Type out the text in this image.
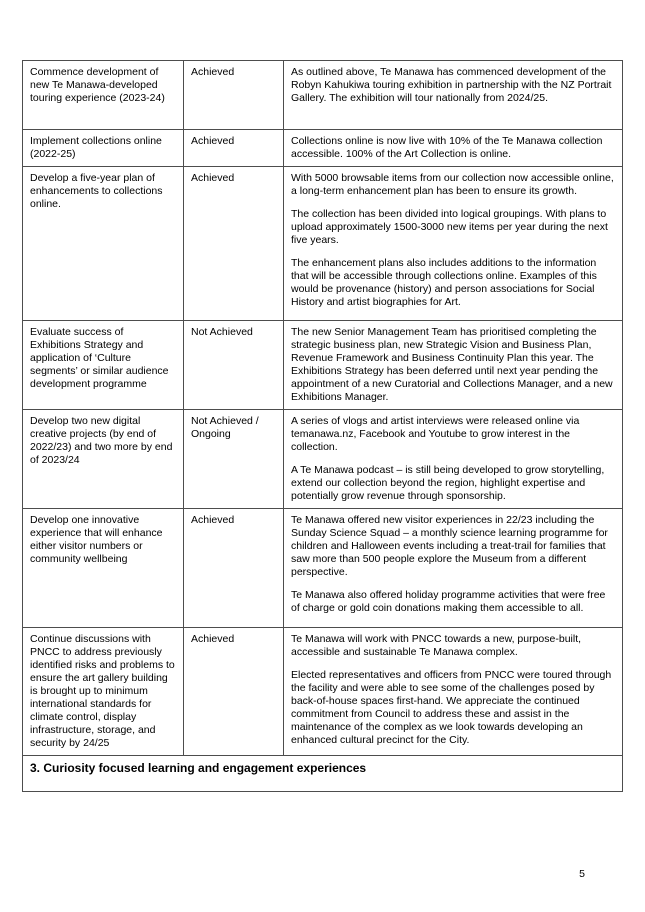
Commence development of new Te Manawa-developed touring experience (2023-24)	Achieved	As outlined above, Te Manawa has commenced development of the Robyn Kahukiwa touring exhibition in partnership with the NZ Portrait Gallery. The exhibition will tour nationally from 2024/25.

Implement collections online (2022-25)	Achieved	Collections online is now live with 10% of the Te Manawa collection accessible. 100% of the Art Collection is online.

Develop a five-year plan of enhancements to collections online.	Achieved	With 5000 browsable items from our collection now accessible online, a long-term enhancement plan has been to ensure its growth.

The collection has been divided into logical groupings. With plans to upload approximately 1500-3000 new items per year during the next five years.

The enhancement plans also includes additions to the information that will be accessible through collections online. Examples of this would be provenance (history) and person associations for Social History and artist biographies for Art.

Evaluate success of Exhibitions Strategy and application of ‘Culture segments’ or similar audience development programme	Not Achieved	The new Senior Management Team has prioritised completing the strategic business plan, new Strategic Vision and Business Plan, Revenue Framework and Business Continuity Plan this year. The Exhibitions Strategy has been deferred until next year pending the appointment of a new Curatorial and Collections Manager, and a new Exhibitions Manager.

Develop two new digital creative projects (by end of 2022/23) and two more by end of 2023/24	Not Achieved / Ongoing	A series of vlogs and artist interviews were released online via temanawa.nz, Facebook and Youtube to grow interest in the collection.

A Te Manawa podcast – is still being developed to grow storytelling, extend our collection beyond the region, highlight expertise and potentially grow revenue through sponsorship.

Develop one innovative experience that will enhance either visitor numbers or community wellbeing	Achieved	Te Manawa offered new visitor experiences in 22/23 including the Sunday Science Squad – a monthly science learning programme for children and Halloween events including a treat-trail for families that saw more than 500 people explore the Museum from a different perspective.

Te Manawa also offered holiday programme activities that were free of charge or gold coin donations making them accessible to all.

Continue discussions with PNCC to address previously identified risks and problems to ensure the art gallery building is brought up to minimum international standards for climate control, display infrastructure, storage, and security by 24/25	Achieved	Te Manawa will work with PNCC towards a new, purpose-built, accessible and sustainable Te Manawa complex.

Elected representatives and officers from PNCC were toured through the facility and were able to see some of the challenges posed by back-of-house spaces first-hand. We appreciate the continued commitment from Council to address these and assist in the maintenance of the complex as we look towards developing an enhanced cultural precinct for the City.

3. Curiosity focused learning and engagement experiences
5
